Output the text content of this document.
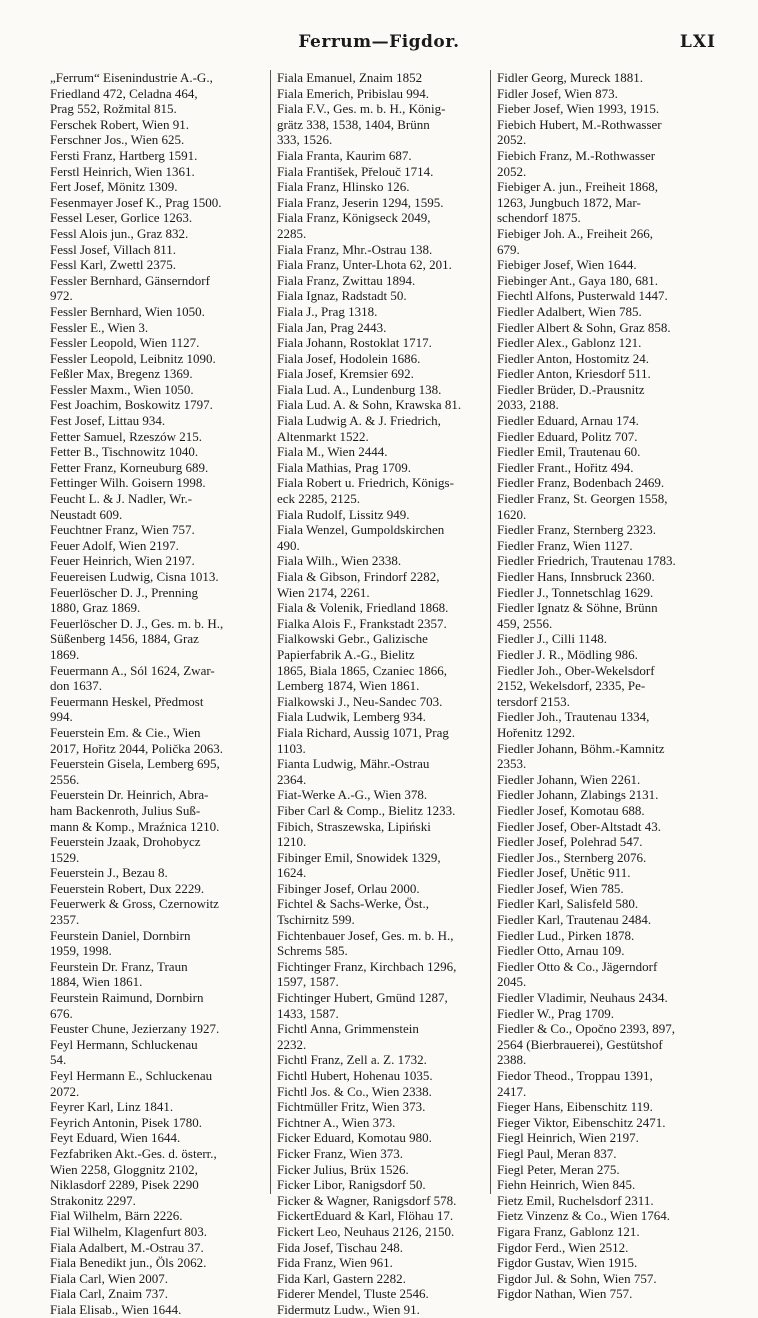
Ferrum—Figdor.	LXI
„Ferrum“ Eisenindustrie A.-G.,
Friedland 472, Celadna 464,
Prag 552, Rožmital 815.
Ferschek Robert, Wien 91.
Ferschner Jos., Wien 625.
Fersti Franz, Hartberg 1591.
Ferstl Heinrich, Wien 1361.
Fert Josef, Mönitz 1309.
Fesenmayer Josef K., Prag 1500.
Fessel Leser, Gorlice 1263.
Fessl Alois jun., Graz 832.
Fessl Josef, Villach 811.
Fessl Karl, Zwettl 2375.
Fessler Bernhard, Gänserndorf
972.
Fessler Bernhard, Wien 1050.
Fessler E., Wien 3.
Fessler Leopold, Wien 1127.
Fessler Leopold, Leibnitz 1090.
Feßler Max, Bregenz 1369.
Fessler Maxm., Wien 1050.
Fest Joachim, Boskowitz 1797.
Fest Josef, Littau 934.
Fetter Samuel, Rzeszów 215.
Fetter B., Tischnowitz 1040.
Fetter Franz, Korneuburg 689.
Fettinger Wilh. Goisern 1998.
Feucht L. & J. Nadler, Wr.-
Neustadt 609.
Feuchtner Franz, Wien 757.
Feuer Adolf, Wien 2197.
Feuer Heinrich, Wien 2197.
Feuereisen Ludwig, Cisna 1013.
Feuerlöscher D. J., Prenning
1880, Graz 1869.
Feuerlöscher D. J., Ges. m. b. H.,
Süßenberg 1456, 1884, Graz
1869.
Feuermann A., Sól 1624, Zwar-
don 1637.
Feuermann Heskel, Předmost
994.
Feuerstein Em. & Cie., Wien
2017, Hořitz 2044, Polička 2063.
Feuerstein Gisela, Lemberg 695,
2556.
Feuerstein Dr. Heinrich, Abra-
ham Backenroth, Julius Suß-
mann & Komp., Mraźnica 1210.
Feuerstein Jzaak, Drohobycz
1529.
Feuerstein J., Bezau 8.
Feuerstein Robert, Dux 2229.
Feuerwerk & Gross, Czernowitz
2357.
Feurstein Daniel, Dornbirn
1959, 1998.
Feurstein Dr. Franz, Traun
1884, Wien 1861.
Feurstein Raimund, Dornbirn
676.
Feuster Chune, Jezierzany 1927.
Feyl Hermann, Schluckenau
54.
Feyl Hermann E., Schluckenau
2072.
Feyrer Karl, Linz 1841.
Feyrich Antonin, Pisek 1780.
Feyt Eduard, Wien 1644.
Fezfabriken Akt.-Ges. d. österr.,
Wien 2258, Gloggnitz 2102,
Niklasdorf 2289, Pisek 2290
Strakonitz 2297.
Fial Wilhelm, Bärn 2226.
Fial Wilhelm, Klagenfurt 803.
Fiala Adalbert, M.-Ostrau 37.
Fiala Benedikt jun., Öls 2062.
Fiala Carl, Wien 2007.
Fiala Carl, Znaim 737.
Fiala Elisab., Wien 1644.
Fiala Emanuel, Znaim 1852
Fiala Emerich, Pribislau 994.
Fiala F.V., Ges. m. b. H., König-
grätz 338, 1538, 1404, Brünn
333, 1526.
Fiala Franta, Kaurim 687.
Fiala František, Přelouč 1714.
Fiala Franz, Hlinsko 126.
Fiala Franz, Jeserin 1294, 1595.
Fiala Franz, Königseck 2049,
2285.
Fiala Franz, Mhr.-Ostrau 138.
Fiala Franz, Unter-Lhota 62, 201.
Fiala Franz, Zwittau 1894.
Fiala Ignaz, Radstadt 50.
Fiala J., Prag 1318.
Fiala Jan, Prag 2443.
Fiala Johann, Rostoklat 1717.
Fiala Josef, Hodolein 1686.
Fiala Josef, Kremsier 692.
Fiala Lud. A., Lundenburg 138.
Fiala Lud. A. & Sohn, Krawska 81.
Fiala Ludwig A. & J. Friedrich,
Altenmarkt 1522.
Fiala M., Wien 2444.
Fiala Mathias, Prag 1709.
Fiala Robert u. Friedrich, Königs-
eck 2285, 2125.
Fiala Rudolf, Lissitz 949.
Fiala Wenzel, Gumpoldskirchen
490.
Fiala Wilh., Wien 2338.
Fiala & Gibson, Frindorf 2282,
Wien 2174, 2261.
Fiala & Volenik, Friedland 1868.
Fialka Alois F., Frankstadt 2357.
Fialkowski Gebr., Galizische
Papierfabrik A.-G., Bielitz
1865, Biala 1865, Czaniec 1866,
Lemberg 1874, Wien 1861.
Fialkowski J., Neu-Sandec 703.
Fiala Ludwik, Lemberg 934.
Fiala Richard, Aussig 1071, Prag
1103.
Fianta Ludwig, Mähr.-Ostrau
2364.
Fiat-Werke A.-G., Wien 378.
Fiber Carl & Comp., Bielitz 1233.
Fibich, Straszewska, Lipiński
1210.
Fibinger Emil, Snowidek 1329,
1624.
Fibinger Josef, Orlau 2000.
Fichtel & Sachs-Werke, Öst.,
Tschirnitz 599.
Fichtenbauer Josef, Ges. m. b. H.,
Schrems 585.
Fichtinger Franz, Kirchbach 1296,
1597, 1587.
Fichtinger Hubert, Gmünd 1287,
1433, 1587.
Fichtl Anna, Grimmenstein
2232.
Fichtl Franz, Zell a. Z. 1732.
Fichtl Hubert, Hohenau 1035.
Fichtl Jos. & Co., Wien 2338.
Fichtmüller Fritz, Wien 373.
Fichtner A., Wien 373.
Ficker Eduard, Komotau 980.
Ficker Franz, Wien 373.
Ficker Julius, Brüx 1526.
Ficker Libor, Ranigsdorf 50.
Ficker & Wagner, Ranigsdorf 578.
FickertEduard & Karl, Flöhau 17.
Fickert Leo, Neuhaus 2126, 2150.
Fida Josef, Tischau 248.
Fida Franz, Wien 961.
Fida Karl, Gastern 2282.
Fiderer Mendel, Tluste 2546.
Fidermutz Ludw., Wien 91.
Fidler Georg, Mureck 1881.
Fidler Josef, Wien 873.
Fieber Josef, Wien 1993, 1915.
Fiebich Hubert, M.-Rothwasser
2052.
Fiebich Franz, M.-Rothwasser
2052.
Fiebiger A. jun., Freiheit 1868,
1263, Jungbuch 1872, Mar-
schendorf 1875.
Fiebiger Joh. A., Freiheit 266,
679.
Fiebiger Josef, Wien 1644.
Fiebinger Ant., Gaya 180, 681.
Fiechtl Alfons, Pusterwald 1447.
Fiedler Adalbert, Wien 785.
Fiedler Albert & Sohn, Graz 858.
Fiedler Alex., Gablonz 121.
Fiedler Anton, Hostomitz 24.
Fiedler Anton, Kriesdorf 511.
Fiedler Brüder, D.-Prausnitz
2033, 2188.
Fiedler Eduard, Arnau 174.
Fiedler Eduard, Politz 707.
Fiedler Emil, Trautenau 60.
Fiedler Frant., Hořitz 494.
Fiedler Franz, Bodenbach 2469.
Fiedler Franz, St. Georgen 1558,
1620.
Fiedler Franz, Sternberg 2323.
Fiedler Franz, Wien 1127.
Fiedler Friedrich, Trautenau 1783.
Fiedler Hans, Innsbruck 2360.
Fiedler J., Tonnetschlag 1629.
Fiedler Ignatz & Söhne, Brünn
459, 2556.
Fiedler J., Cilli 1148.
Fiedler J. R., Mödling 986.
Fiedler Joh., Ober-Wekelsdorf
2152, Wekelsdorf, 2335, Pe-
tersdorf 2153.
Fiedler Joh., Trautenau 1334,
Hořenitz 1292.
Fiedler Johann, Böhm.-Kamnitz
2353.
Fiedler Johann, Wien 2261.
Fiedler Johann, Zlabings 2131.
Fiedler Josef, Komotau 688.
Fiedler Josef, Ober-Altstadt 43.
Fiedler Josef, Polehrad 547.
Fiedler Jos., Sternberg 2076.
Fiedler Josef, Unětic 911.
Fiedler Josef, Wien 785.
Fiedler Karl, Salisfeld 580.
Fiedler Karl, Trautenau 2484.
Fiedler Lud., Pirken 1878.
Fiedler Otto, Arnau 109.
Fiedler Otto & Co., Jägerndorf
2045.
Fiedler Vladimir, Neuhaus 2434.
Fiedler W., Prag 1709.
Fiedler & Co., Opočno 2393, 897,
2564 (Bierbrauerei), Gestütshof
2388.
Fiedor Theod., Troppau 1391,
2417.
Fieger Hans, Eibenschitz 119.
Fieger Viktor, Eibenschitz 2471.
Fiegl Heinrich, Wien 2197.
Fiegl Paul, Meran 837.
Fiegl Peter, Meran 275.
Fiehn Heinrich, Wien 845.
Fietz Emil, Ruchelsdorf 2311.
Fietz Vinzenz & Co., Wien 1764.
Figara Franz, Gablonz 121.
Figdor Ferd., Wien 2512.
Figdor Gustav, Wien 1915.
Figdor Jul. & Sohn, Wien 757.
Figdor Nathan, Wien 757.
